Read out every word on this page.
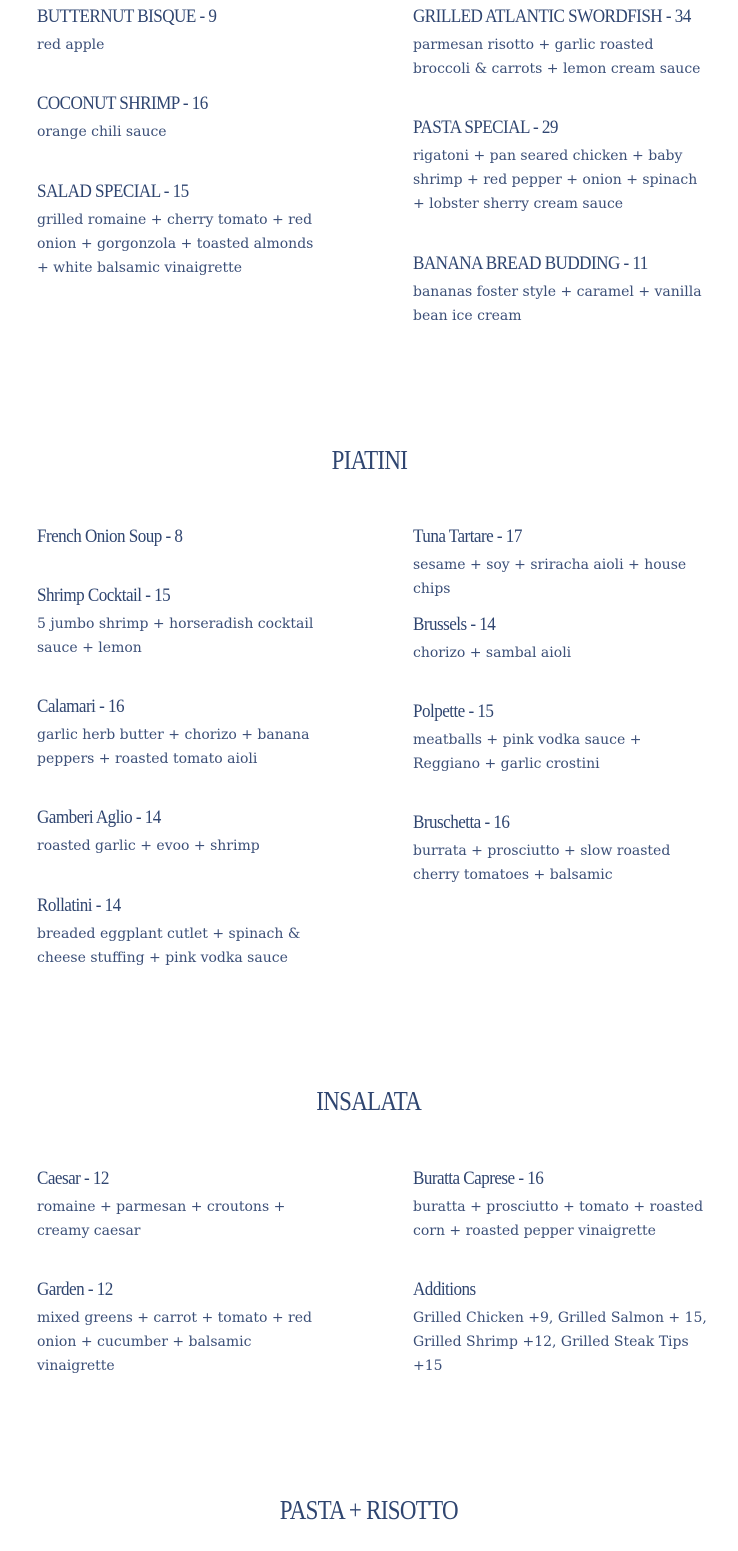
BUTTERNUT BISQUE - 9
red apple
COCONUT SHRIMP - 16
orange chili sauce
SALAD SPECIAL - 15
grilled romaine + cherry tomato + red onion + gorgonzola + toasted almonds + white balsamic vinaigrette
GRILLED ATLANTIC SWORDFISH - 34
parmesan risotto + garlic roasted broccoli & carrots + lemon cream sauce
PASTA SPECIAL - 29
rigatoni + pan seared chicken + baby shrimp + red pepper + onion + spinach + lobster sherry cream sauce
BANANA BREAD BUDDING - 11
bananas foster style + caramel + vanilla bean ice cream
PIATINI
French Onion Soup - 8
Shrimp Cocktail - 15
5 jumbo shrimp + horseradish cocktail sauce + lemon
Calamari - 16
garlic herb butter + chorizo + banana peppers + roasted tomato aioli
Gamberi Aglio - 14
roasted garlic + evoo + shrimp
Rollatini - 14
breaded eggplant cutlet + spinach & cheese stuffing + pink vodka sauce
Tuna Tartare - 17
sesame + soy + sriracha aioli + house chips
Brussels - 14
chorizo + sambal aioli
Polpette - 15
meatballs + pink vodka sauce + Reggiano + garlic crostini
Bruschetta - 16
burrata + prosciutto + slow roasted cherry tomatoes + balsamic
INSALATA
Caesar - 12
romaine + parmesan + croutons + creamy caesar
Garden - 12
mixed greens + carrot + tomato + red onion + cucumber + balsamic vinaigrette
Buratta Caprese - 16
buratta + prosciutto + tomato + roasted corn + roasted pepper vinaigrette
Additions
Grilled Chicken +9, Grilled Salmon + 15, Grilled Shrimp +12, Grilled Steak Tips +15
PASTA + RISOTTO
